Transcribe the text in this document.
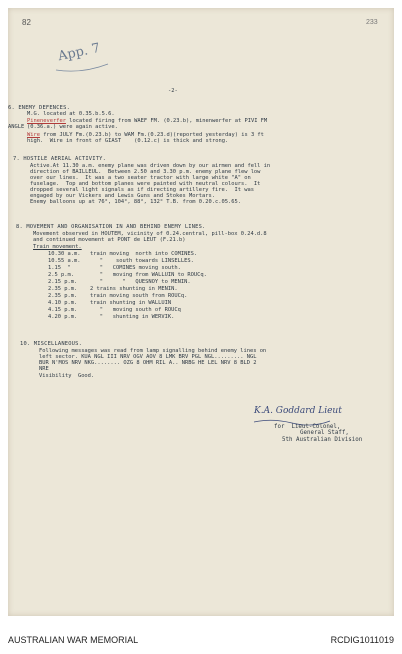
82	233
App. 7
-2-
6. ENEMY DEFENCES.
M.G. located at 0.35.b.5.6.
Pineneverfer located firing from WAEF FM. (0.23.b), minenwerfer at PIVI FM
ANGLE (0.36.a.) were again active.
Wire from JULY Fm.(0.23.b) to WAM Fm.(0.23.d)(reported yesterday) is 3 ft
high.  Wire in front of GIAST    (0.12.c) is thick and strong.
7. HOSTILE AERIAL ACTIVITY.
Active.At 11.30 a.m. enemy plane was driven down by our airmen and fell in
direction of BAILLEUL.  Between 2.50 and 3.30 p.m. enemy plane flew low
over our lines.  It was a two seater tractor with large white "A" on
fuselage.  Top and bottom planes were painted with neutral colours.  It
dropped several light signals as if directing artillery fire.  It was
engaged by our Vickers and Lewis Guns and Stokes Mortars.
Enemy balloons up at 76°, 104°, 88°, 132° T.B. from 0.20.c.05.65.
8. MOVEMENT AND ORGANISATION IN AND BEHIND ENEMY LINES.
Movement observed in HOUTEM, vicinity of 0.24.central, pill-box 0.24.d.8
and continued movement at PONT de LEUT (F.21.b)
Train movement.
10.30 a.m. train moving  north into COMINES.
10.55 a.m. "    south towards LINSELLES.
1.15  "	"   COMINES moving south.
2.5 p.m.	"   moving from WALLUIN to ROUCq.
2.15 p.m. "      "   QUESNOY to MENIN.
2.35 p.m. 2 trains shunting in MENIN.
2.35 p.m. train moving south from ROUCq.
4.10 p.m. train shunting in WALLUIN
4.15 p.m. "   moving south of ROUCq
4.20 p.m. "   shunting in WERVIK.
10. MISCELLANEOUS.
Following messages was read from lamp signalling behind enemy lines on
left sector. KUA NGL III NRV OGV AOV 8 LMK BRV PGL NGL......... NGL
BUR N'MOS NRV NKG........ OZG 8 OHM RIL A.. NRBG HE LEL NRV 8 BLD 2
NRE
Visibility  Good.
K.A. Goddard Lieut
for  Lieut-Colonel,
General Staff,
5th Australian Division
AUSTRALIAN WAR MEMORIAL	RCDIG1011019
